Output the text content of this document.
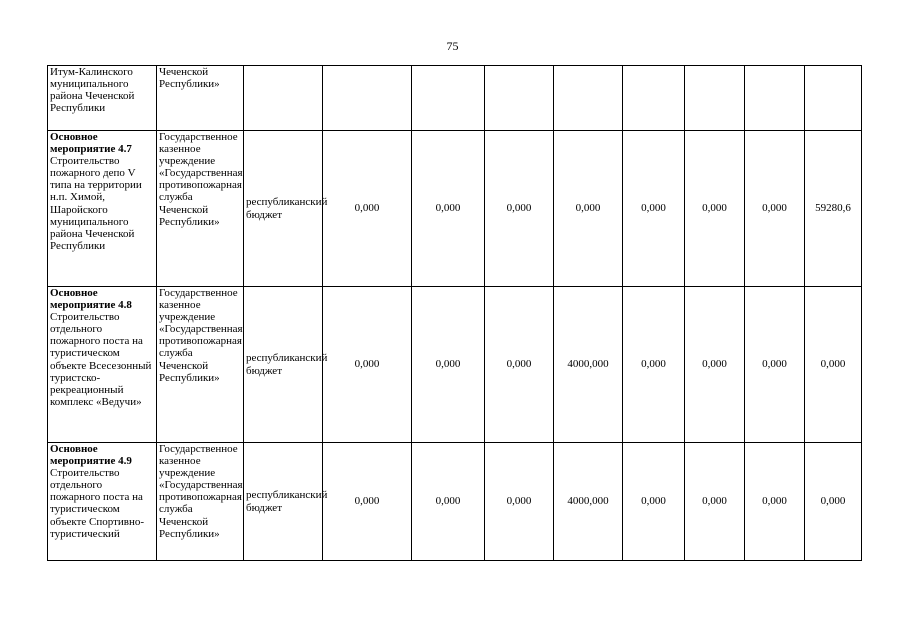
75
Итум-Калинского муниципального района Чеченской Республики	Чеченской Республики»									

Основное мероприятие 4.7
Строительство пожарного депо V типа на территории н.п. Химой, Шаройского муниципального района Чеченской Республики	Государственное казенное учреждение «Государственная противопожарная служба Чеченской Республики»	республиканский бюджет	0,000	0,000	0,000	0,000	0,000	0,000	0,000	59280,6

Основное мероприятие 4.8
Строительство отдельного пожарного поста на туристическом объекте Всесезонный туристско-рекреационный комплекс «Ведучи»	Государственное казенное учреждение «Государственная противопожарная служба Чеченской Республики»	республиканский бюджет	0,000	0,000	0,000	4000,000	0,000	0,000	0,000	0,000

Основное мероприятие 4.9
Строительство отдельного пожарного поста на туристическом объекте Спортивно-туристический	Государственное казенное учреждение «Государственная противопожарная служба Чеченской Республики»	республиканский бюджет	0,000	0,000	0,000	4000,000	0,000	0,000	0,000	0,000
